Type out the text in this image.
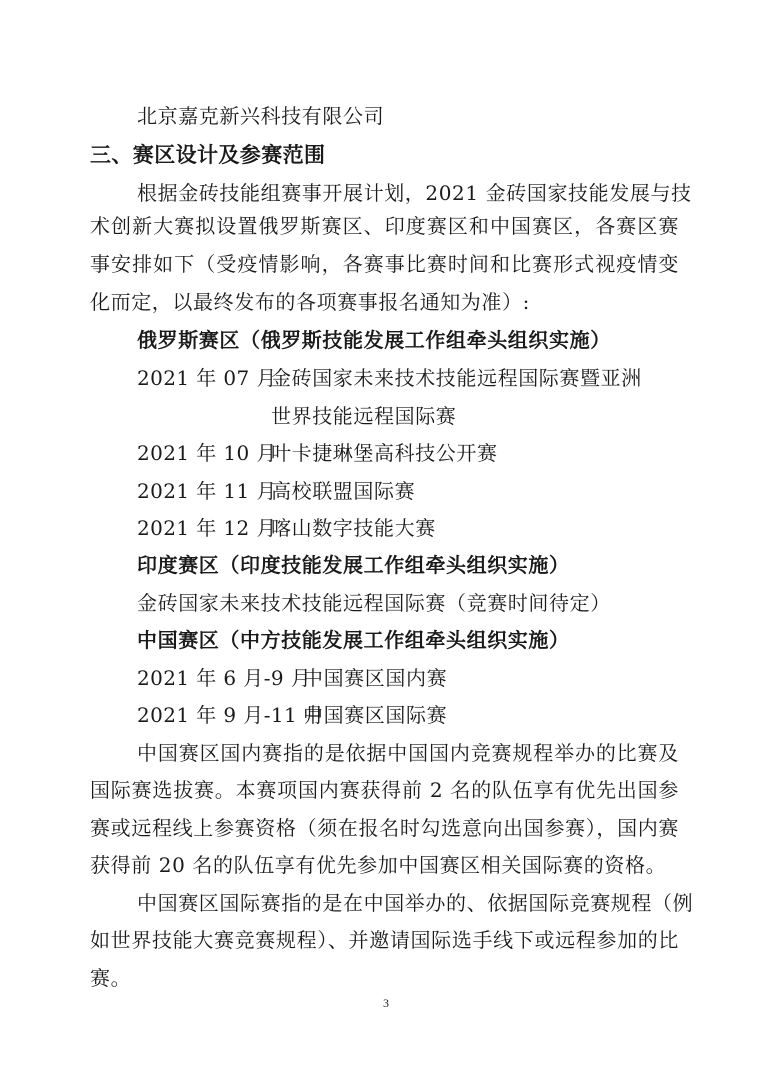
北京嘉克新兴科技有限公司
三、赛区设计及参赛范围
根据金砖技能组赛事开展计划，2021 金砖国家技能发展与技
术创新大赛拟设置俄罗斯赛区、印度赛区和中国赛区，各赛区赛
事安排如下（受疫情影响，各赛事比赛时间和比赛形式视疫情变
化而定，以最终发布的各项赛事报名通知为准）:
俄罗斯赛区（俄罗斯技能发展工作组牵头组织实施）
2021 年 07 月
金砖国家未来技术技能远程国际赛暨亚洲
世界技能远程国际赛
2021 年 10 月
叶卡捷琳堡高科技公开赛
2021 年 11 月
高校联盟国际赛
2021 年 12 月
喀山数字技能大赛
印度赛区（印度技能发展工作组牵头组织实施）
金砖国家未来技术技能远程国际赛（竞赛时间待定）
中国赛区（中方技能发展工作组牵头组织实施）
2021 年 6 月-9 月
中国赛区国内赛
2021 年 9 月-11 月
中国赛区国际赛
中国赛区国内赛指的是依据中国国内竞赛规程举办的比赛及
国际赛选拔赛。本赛项国内赛获得前 2 名的队伍享有优先出国参
赛或远程线上参赛资格（须在报名时勾选意向出国参赛），国内赛
获得前 20 名的队伍享有优先参加中国赛区相关国际赛的资格。
中国赛区国际赛指的是在中国举办的、依据国际竞赛规程（例
如世界技能大赛竞赛规程）、并邀请国际选手线下或远程参加的比
赛。
3
